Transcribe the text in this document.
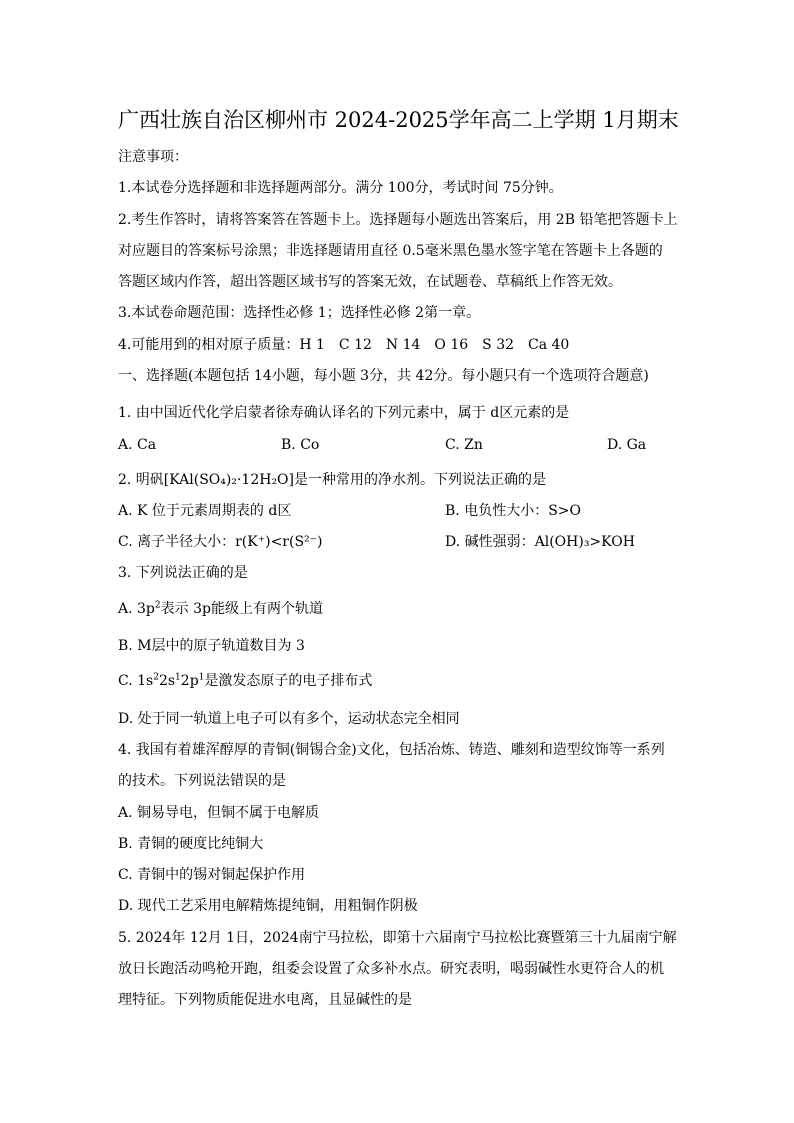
广西壮族自治区柳州市 2024-2025学年高二上学期 1月期末
注意事项：
1.本试卷分选择题和非选择题两部分。满分 100分，考试时间 75分钟。
2.考生作答时，请将答案答在答题卡上。选择题每小题选出答案后，用 2B 铅笔把答题卡上
对应题目的答案标号涂黑；非选择题请用直径 0.5毫米黑色墨水签字笔在答题卡上各题的
答题区域内作答，超出答题区域书写的答案无效，在试题卷、草稿纸上作答无效。
3.本试卷命题范围：选择性必修 1；选择性必修 2第一章。
4.可能用到的相对原子质量：H 1　C 12　N 14　O 16　S 32　Ca 40
一、选择题(本题包括 14小题，每小题 3分，共 42分。每小题只有一个选项符合题意)
1. 由中国近代化学启蒙者徐寿确认译名的下列元素中，属于 d区元素的是
A. Ca	B. Co	C. Zn	D. Ga
2. 明矾[KAl(SO₄)₂·12H₂O]是一种常用的净水剂。下列说法正确的是
A. K 位于元素周期表的 d区	B. 电负性大小：S>O
C. 离子半径大小：r(K⁺)<r(S²⁻)	D. 碱性强弱：Al(OH)₃>KOH
3. 下列说法正确的是
A. $3p^2$表示 3p能级上有两个轨道
B. M层中的原子轨道数目为 3
C. $1s^22s^12p^1$是激发态原子的电子排布式
D. 处于同一轨道上电子可以有多个，运动状态完全相同
4. 我国有着雄浑醇厚的青铜(铜锡合金)文化，包括冶炼、铸造、雕刻和造型纹饰等一系列
的技术。下列说法错误的是
A. 铜易导电，但铜不属于电解质
B. 青铜的硬度比纯铜大
C. 青铜中的锡对铜起保护作用
D. 现代工艺采用电解精炼提纯铜，用粗铜作阴极
5. 2024年 12月 1日，2024南宁马拉松，即第十六届南宁马拉松比赛暨第三十九届南宁解
放日长跑活动鸣枪开跑，组委会设置了众多补水点。研究表明，喝弱碱性水更符合人的机
理特征。下列物质能促进水电离，且显碱性的是
